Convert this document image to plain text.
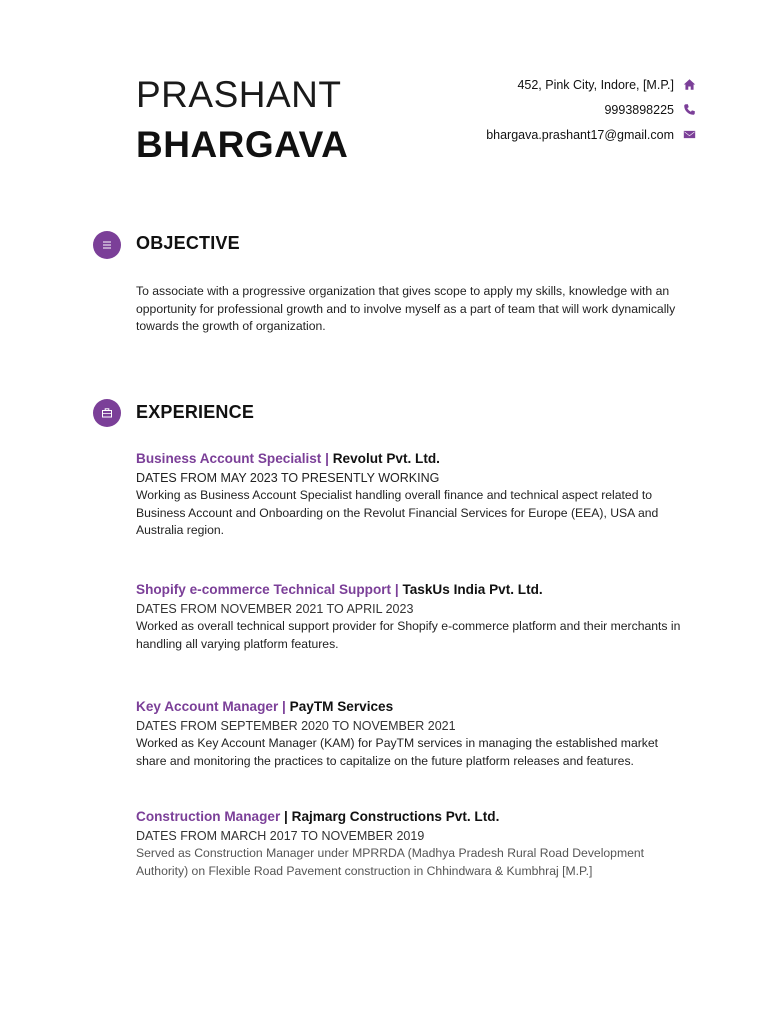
PRASHANT
BHARGAVA
452, Pink City, Indore, [M.P.]
9993898225
bhargava.prashant17@gmail.com
OBJECTIVE
To associate with a progressive organization that gives scope to apply my skills, knowledge with an opportunity for professional growth and to involve myself as a part of team that will work dynamically towards the growth of organization.
EXPERIENCE
Business Account Specialist | Revolut Pvt. Ltd.
DATES FROM MAY 2023 TO PRESENTLY WORKING
Working as Business Account Specialist handling overall finance and technical aspect related to Business Account and Onboarding on the Revolut Financial Services for Europe (EEA), USA and Australia region.
Shopify e-commerce Technical Support | TaskUs India Pvt. Ltd.
DATES FROM NOVEMBER 2021 TO APRIL 2023
Worked as overall technical support provider for Shopify e-commerce platform and their merchants in handling all varying platform features.
Key Account Manager | PayTM Services
DATES FROM SEPTEMBER 2020 TO NOVEMBER 2021
Worked as Key Account Manager (KAM) for PayTM services in managing the established market share and monitoring the practices to capitalize on the future platform releases and features.
Construction Manager | Rajmarg Constructions Pvt. Ltd.
DATES FROM MARCH 2017 TO NOVEMBER 2019
Served as Construction Manager under MPRRDA (Madhya Pradesh Rural Road Development Authority) on Flexible Road Pavement construction in Chhindwara & Kumbhraj [M.P.]
